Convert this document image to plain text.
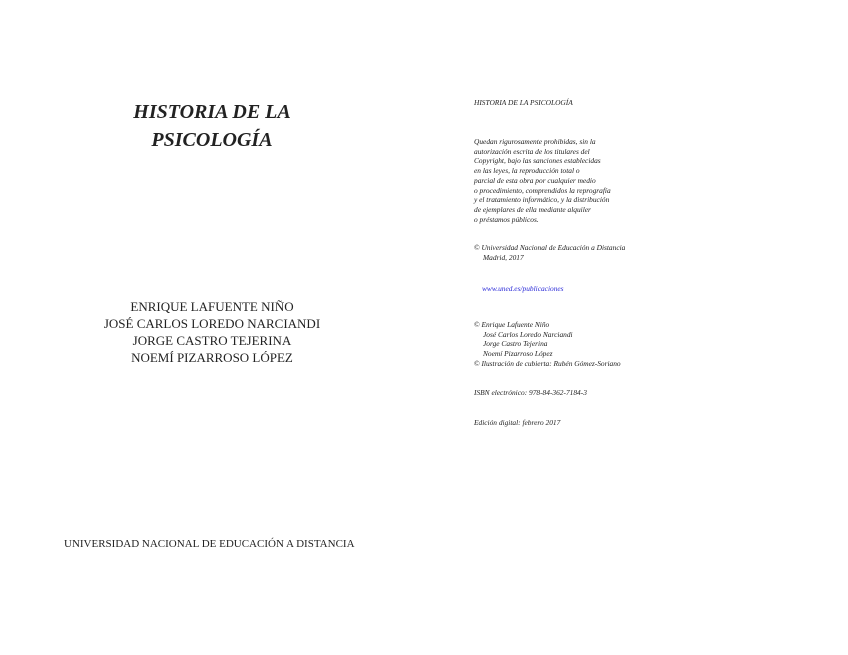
HISTORIA DE LA
PSICOLOGÍA
ENRIQUE LAFUENTE NIÑO
JOSÉ CARLOS LOREDO NARCIANDI
JORGE CASTRO TEJERINA
NOEMÍ PIZARROSO LÓPEZ
UNIVERSIDAD NACIONAL DE EDUCACIÓN A DISTANCIA
HISTORIA DE LA PSICOLOGÍA
Quedan rigurosamente prohibidas, sin la
autorización escrita de los titulares del
Copyright, bajo las sanciones establecidas
en las leyes, la reproducción total o
parcial de esta obra por cualquier medio
o procedimiento, comprendidos la reprografía
y el tratamiento informático, y la distribución
de ejemplares de ella mediante alquiler
o préstamos públicos.
© Universidad Nacional de Educación a Distancia
Madrid, 2017
www.uned.es/publicaciones
© Enrique Lafuente Niño
José Carlos Loredo Narciandi
Jorge Castro Tejerina
Noemí Pizarroso López
© Ilustración de cubierta: Rubén Gómez-Soriano
ISBN electrónico: 978-84-362-7184-3
Edición digital: febrero 2017
